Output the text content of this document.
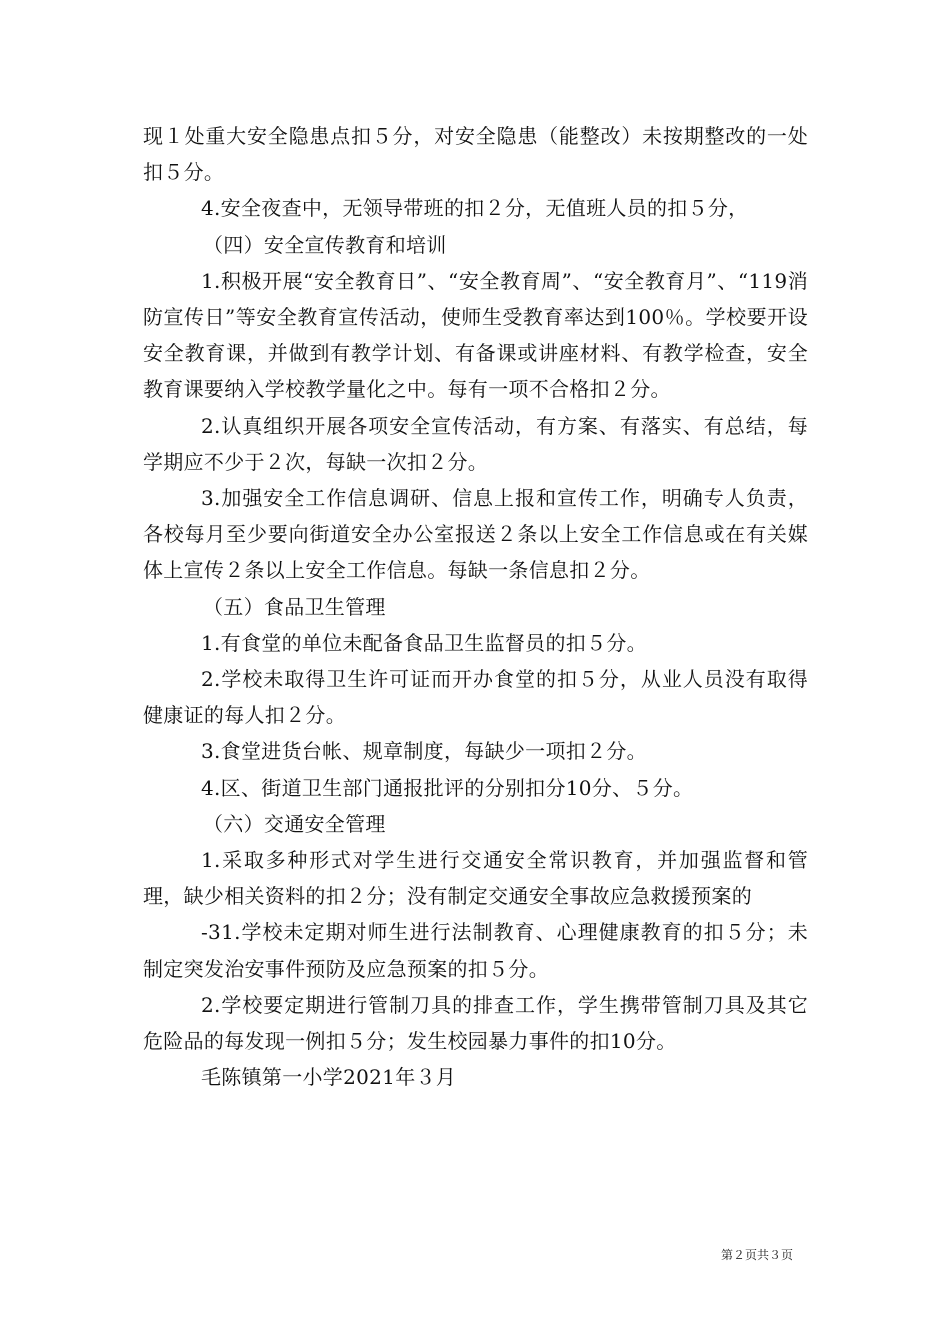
现１处重大安全隐患点扣５分，对安全隐患（能整改）未按期整改的一处扣５分。

4.安全夜查中，无领导带班的扣２分，无值班人员的扣５分，

（四）安全宣传教育和培训

1.积极开展“安全教育日”、“安全教育周”、“安全教育月”、“119消防宣传日”等安全教育宣传活动，使师生受教育率达到100％。学校要开设安全教育课，并做到有教学计划、有备课或讲座材料、有教学检查，安全教育课要纳入学校教学量化之中。每有一项不合格扣２分。

2.认真组织开展各项安全宣传活动，有方案、有落实、有总结，每学期应不少于２次，每缺一次扣２分。

3.加强安全工作信息调研、信息上报和宣传工作，明确专人负责，各校每月至少要向街道安全办公室报送２条以上安全工作信息或在有关媒体上宣传２条以上安全工作信息。每缺一条信息扣２分。

（五）食品卫生管理

1.有食堂的单位未配备食品卫生监督员的扣５分。

2.学校未取得卫生许可证而开办食堂的扣５分，从业人员没有取得健康证的每人扣２分。

3.食堂进货台帐、规章制度，每缺少一项扣２分。

4.区、街道卫生部门通报批评的分别扣分10分、５分。

（六）交通安全管理

1.采取多种形式对学生进行交通安全常识教育，并加强监督和管理，缺少相关资料的扣２分；没有制定交通安全事故应急救援预案的

-31.学校未定期对师生进行法制教育、心理健康教育的扣５分；未制定突发治安事件预防及应急预案的扣５分。

2.学校要定期进行管制刀具的排查工作，学生携带管制刀具及其它危险品的每发现一例扣５分；发生校园暴力事件的扣10分。

毛陈镇第一小学2021年３月

第２页共３页
